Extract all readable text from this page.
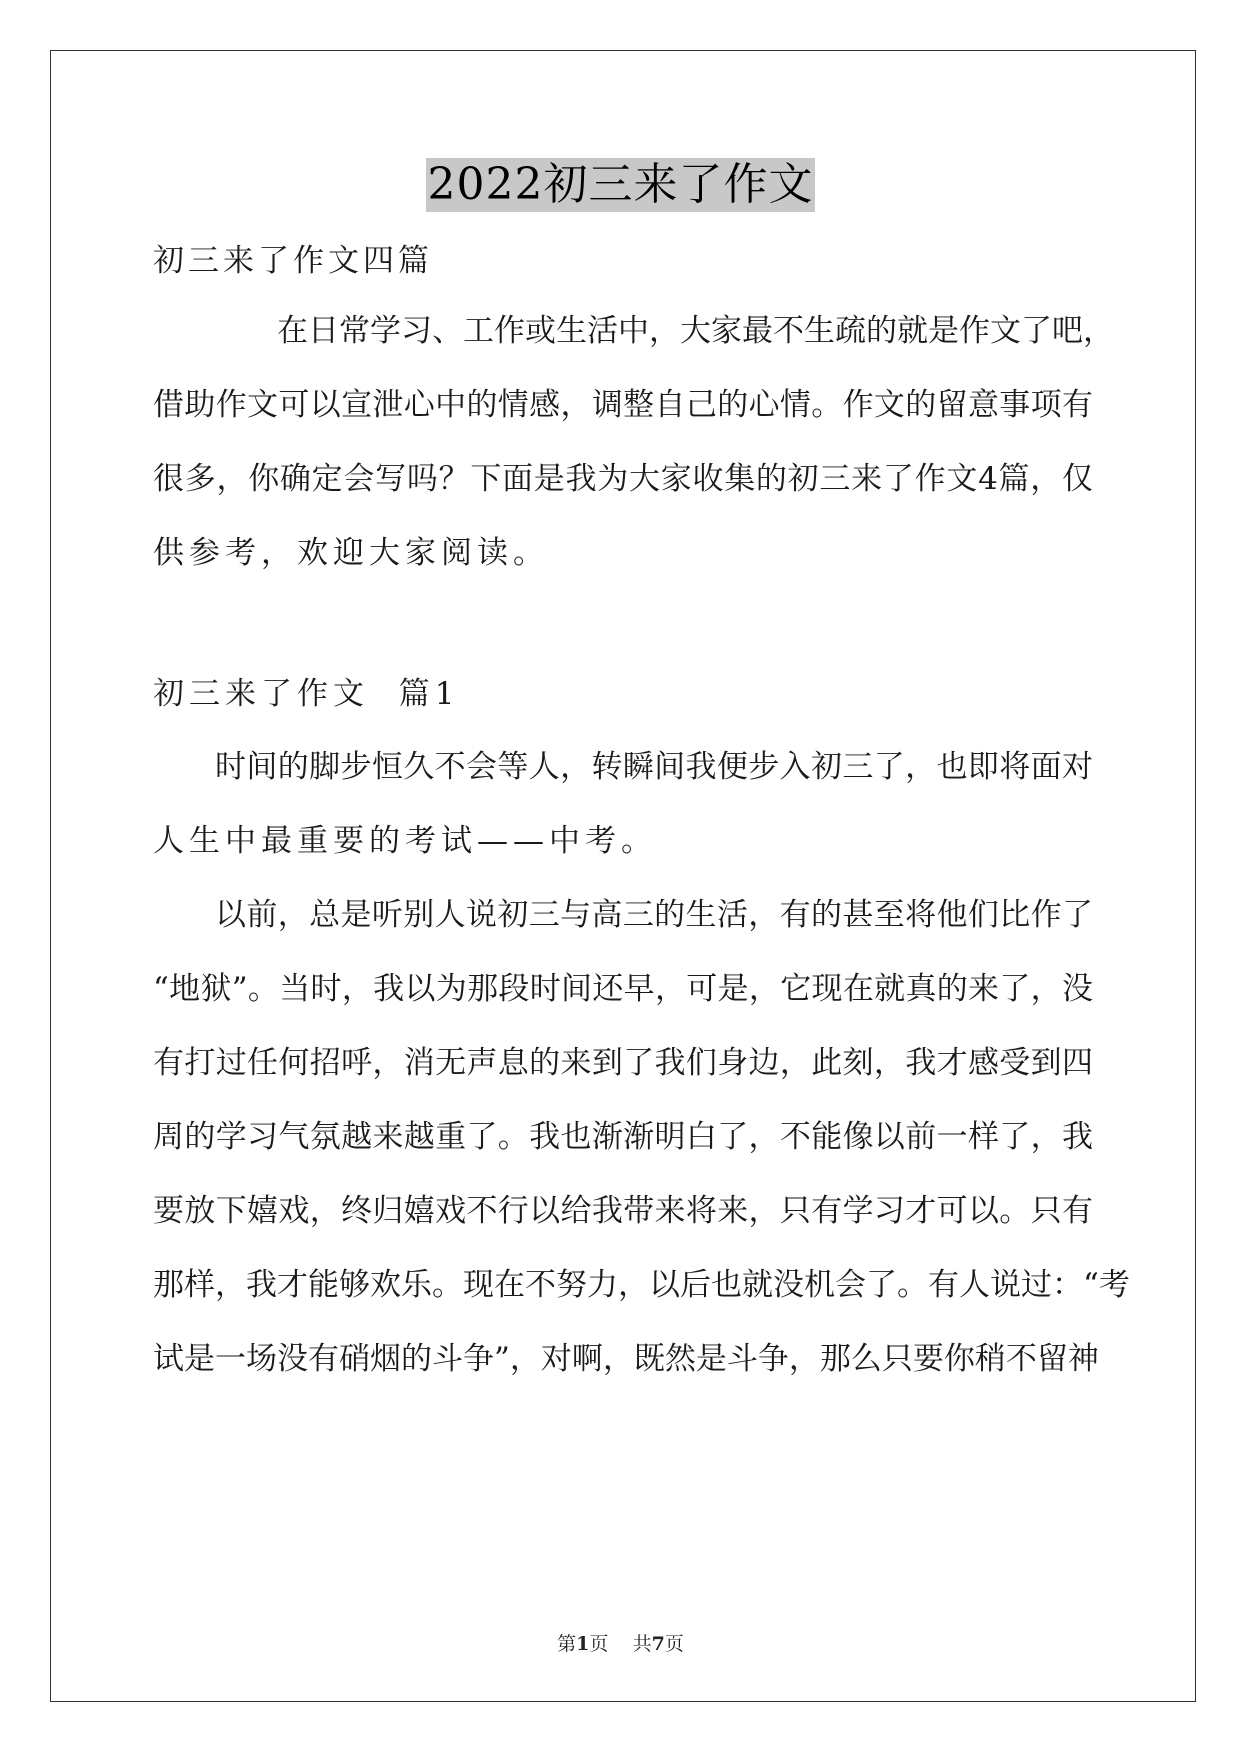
2022初三来了作文
初三来了作文四篇
在日常学习、工作或生活中，大家最不生疏的就是作文了吧，
借助作文可以宣泄心中的情感，调整自己的心情。作文的留意事项有
很多，你确定会写吗？下面是我为大家收集的初三来了作文4篇，仅
供参考，欢迎大家阅读。
初三来了作文  篇1
时间的脚步恒久不会等人，转瞬间我便步入初三了，也即将面对
人生中最重要的考试——中考。
以前，总是听别人说初三与高三的生活，有的甚至将他们比作了
“地狱”。当时，我以为那段时间还早，可是，它现在就真的来了，没
有打过任何招呼，消无声息的来到了我们身边，此刻，我才感受到四
周的学习气氛越来越重了。我也渐渐明白了，不能像以前一样了，我
要放下嬉戏，终归嬉戏不行以给我带来将来，只有学习才可以。只有
那样，我才能够欢乐。现在不努力，以后也就没机会了。有人说过：“考
试是一场没有硝烟的斗争”，对啊，既然是斗争，那么只要你稍不留神
第1页 共7页
